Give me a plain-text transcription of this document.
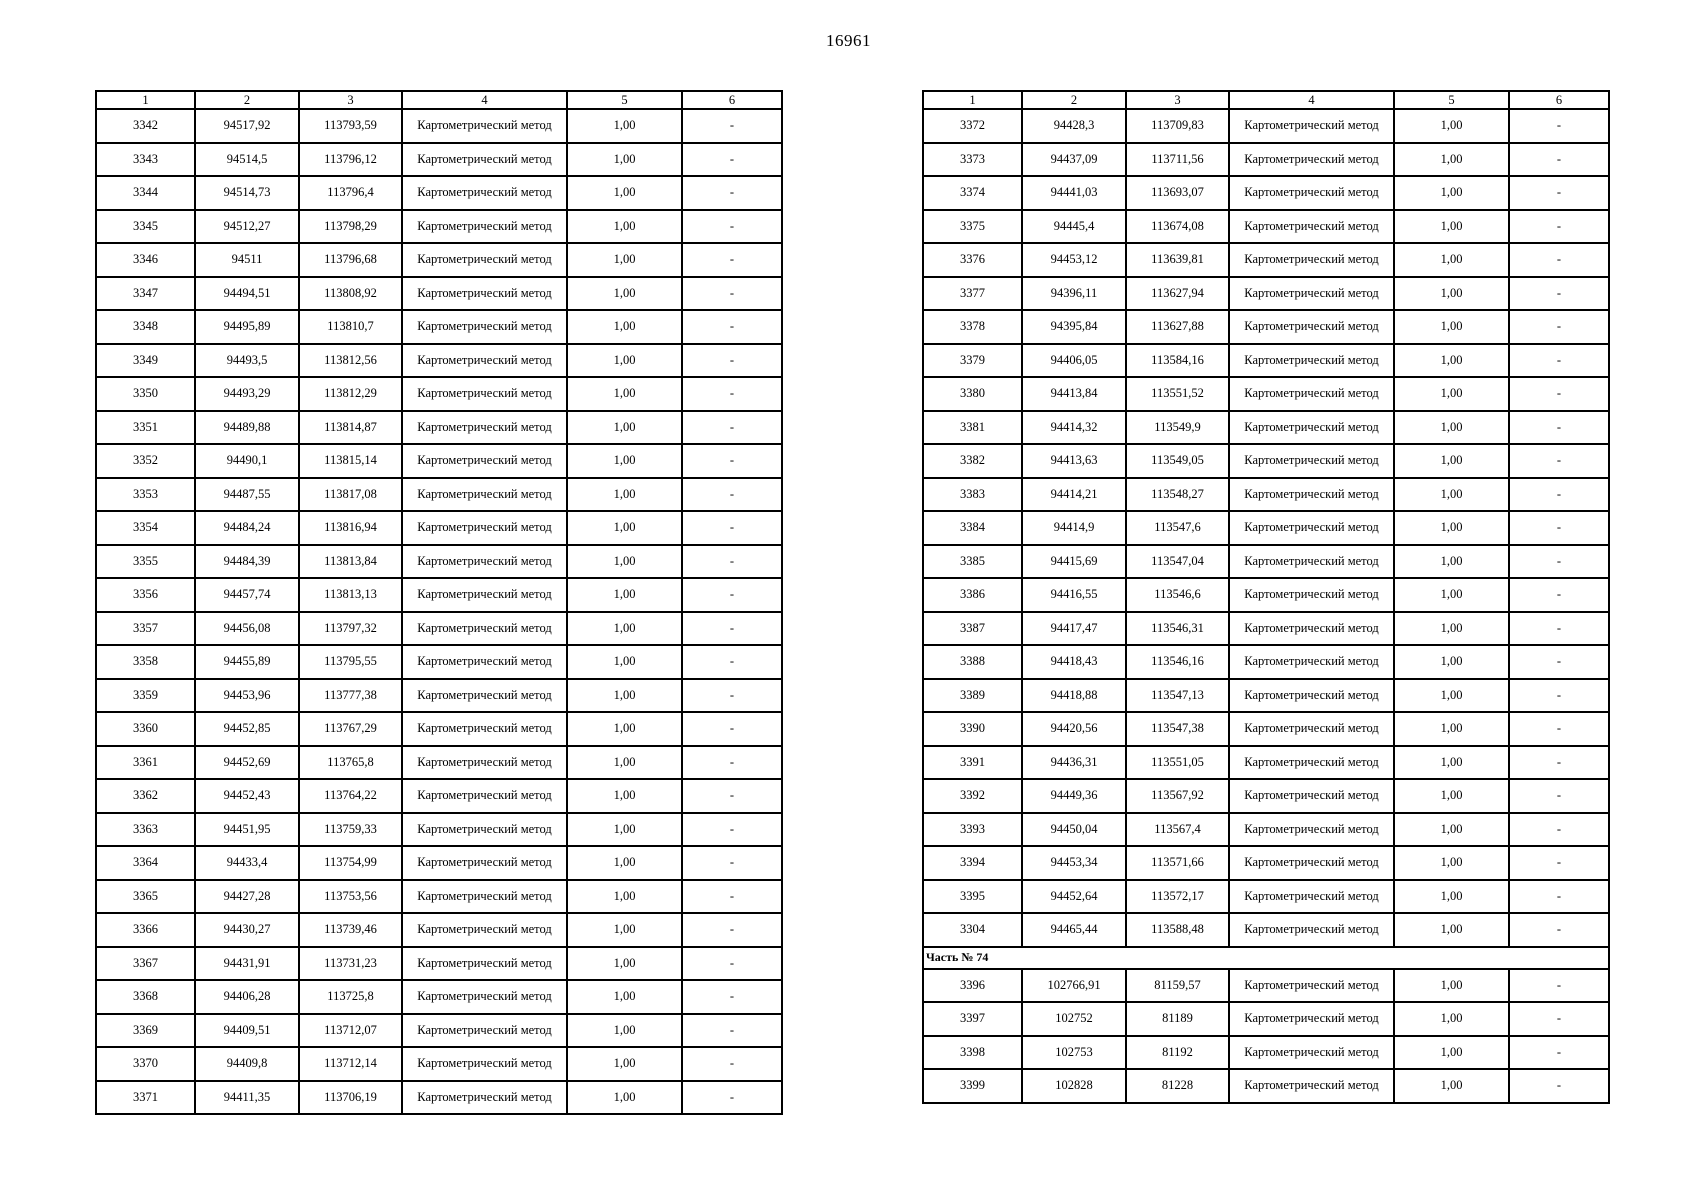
16961
1	2	3	4	5	6
3342	94517,92	113793,59	Картометрический метод	1,00	-
3343	94514,5	113796,12	Картометрический метод	1,00	-
3344	94514,73	113796,4	Картометрический метод	1,00	-
3345	94512,27	113798,29	Картометрический метод	1,00	-
3346	94511	113796,68	Картометрический метод	1,00	-
3347	94494,51	113808,92	Картометрический метод	1,00	-
3348	94495,89	113810,7	Картометрический метод	1,00	-
3349	94493,5	113812,56	Картометрический метод	1,00	-
3350	94493,29	113812,29	Картометрический метод	1,00	-
3351	94489,88	113814,87	Картометрический метод	1,00	-
3352	94490,1	113815,14	Картометрический метод	1,00	-
3353	94487,55	113817,08	Картометрический метод	1,00	-
3354	94484,24	113816,94	Картометрический метод	1,00	-
3355	94484,39	113813,84	Картометрический метод	1,00	-
3356	94457,74	113813,13	Картометрический метод	1,00	-
3357	94456,08	113797,32	Картометрический метод	1,00	-
3358	94455,89	113795,55	Картометрический метод	1,00	-
3359	94453,96	113777,38	Картометрический метод	1,00	-
3360	94452,85	113767,29	Картометрический метод	1,00	-
3361	94452,69	113765,8	Картометрический метод	1,00	-
3362	94452,43	113764,22	Картометрический метод	1,00	-
3363	94451,95	113759,33	Картометрический метод	1,00	-
3364	94433,4	113754,99	Картометрический метод	1,00	-
3365	94427,28	113753,56	Картометрический метод	1,00	-
3366	94430,27	113739,46	Картометрический метод	1,00	-
3367	94431,91	113731,23	Картометрический метод	1,00	-
3368	94406,28	113725,8	Картометрический метод	1,00	-
3369	94409,51	113712,07	Картометрический метод	1,00	-
3370	94409,8	113712,14	Картометрический метод	1,00	-
3371	94411,35	113706,19	Картометрический метод	1,00	-
1	2	3	4	5	6
3372	94428,3	113709,83	Картометрический метод	1,00	-
3373	94437,09	113711,56	Картометрический метод	1,00	-
3374	94441,03	113693,07	Картометрический метод	1,00	-
3375	94445,4	113674,08	Картометрический метод	1,00	-
3376	94453,12	113639,81	Картометрический метод	1,00	-
3377	94396,11	113627,94	Картометрический метод	1,00	-
3378	94395,84	113627,88	Картометрический метод	1,00	-
3379	94406,05	113584,16	Картометрический метод	1,00	-
3380	94413,84	113551,52	Картометрический метод	1,00	-
3381	94414,32	113549,9	Картометрический метод	1,00	-
3382	94413,63	113549,05	Картометрический метод	1,00	-
3383	94414,21	113548,27	Картометрический метод	1,00	-
3384	94414,9	113547,6	Картометрический метод	1,00	-
3385	94415,69	113547,04	Картометрический метод	1,00	-
3386	94416,55	113546,6	Картометрический метод	1,00	-
3387	94417,47	113546,31	Картометрический метод	1,00	-
3388	94418,43	113546,16	Картометрический метод	1,00	-
3389	94418,88	113547,13	Картометрический метод	1,00	-
3390	94420,56	113547,38	Картометрический метод	1,00	-
3391	94436,31	113551,05	Картометрический метод	1,00	-
3392	94449,36	113567,92	Картометрический метод	1,00	-
3393	94450,04	113567,4	Картометрический метод	1,00	-
3394	94453,34	113571,66	Картометрический метод	1,00	-
3395	94452,64	113572,17	Картометрический метод	1,00	-
3304	94465,44	113588,48	Картометрический метод	1,00	-
Часть № 74					
3396	102766,91	81159,57	Картометрический метод	1,00	-
3397	102752	81189	Картометрический метод	1,00	-
3398	102753	81192	Картометрический метод	1,00	-
3399	102828	81228	Картометрический метод	1,00	-
